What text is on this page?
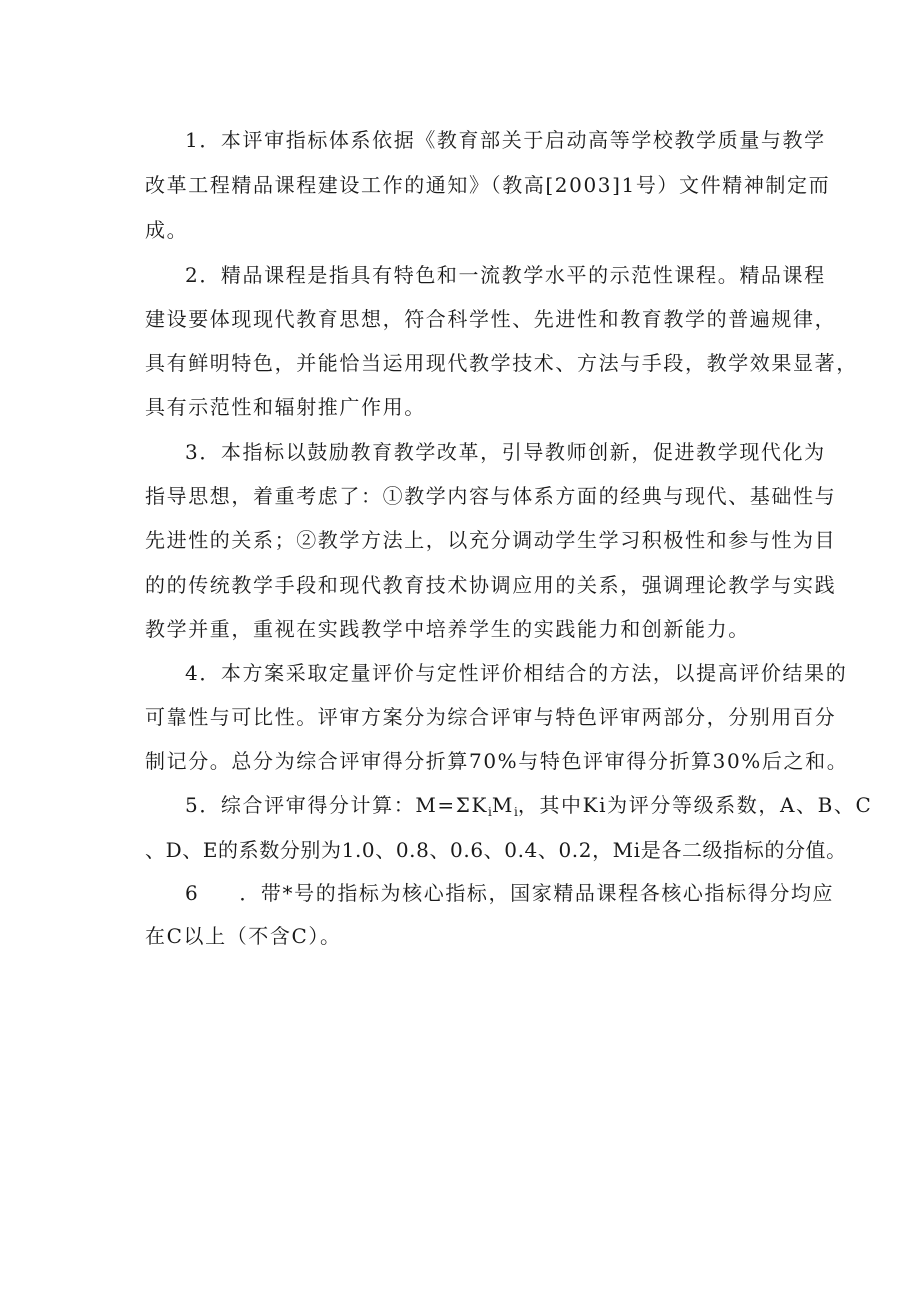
1．本评审指标体系依据《教育部关于启动高等学校教学质量与教学
改革工程精品课程建设工作的通知》（教高[2003]1号）文件精神制定而
成。
2．精品课程是指具有特色和一流教学水平的示范性课程。精品课程
建设要体现现代教育思想，符合科学性、先进性和教育教学的普遍规律，
具有鲜明特色，并能恰当运用现代教学技术、方法与手段，教学效果显著，
具有示范性和辐射推广作用。
3．本指标以鼓励教育教学改革，引导教师创新，促进教学现代化为
指导思想，着重考虑了：①教学内容与体系方面的经典与现代、基础性与
先进性的关系；②教学方法上，以充分调动学生学习积极性和参与性为目
的的传统教学手段和现代教育技术协调应用的关系，强调理论教学与实践
教学并重，重视在实践教学中培养学生的实践能力和创新能力。
4．本方案采取定量评价与定性评价相结合的方法，以提高评价结果的
可靠性与可比性。评审方案分为综合评审与特色评审两部分，分别用百分
制记分。总分为综合评审得分折算70%与特色评审得分折算30%后之和。
5．综合评审得分计算：$M=\Sigma K_iM_i$，其中Ki为评分等级系数，A、B、C
、D、E的系数分别为1.0、0.8、0.6、0.4、0.2，Mi是各二级指标的分值。
6 ．带*号的指标为核心指标，国家精品课程各核心指标得分均应
在C以上（不含C）。
